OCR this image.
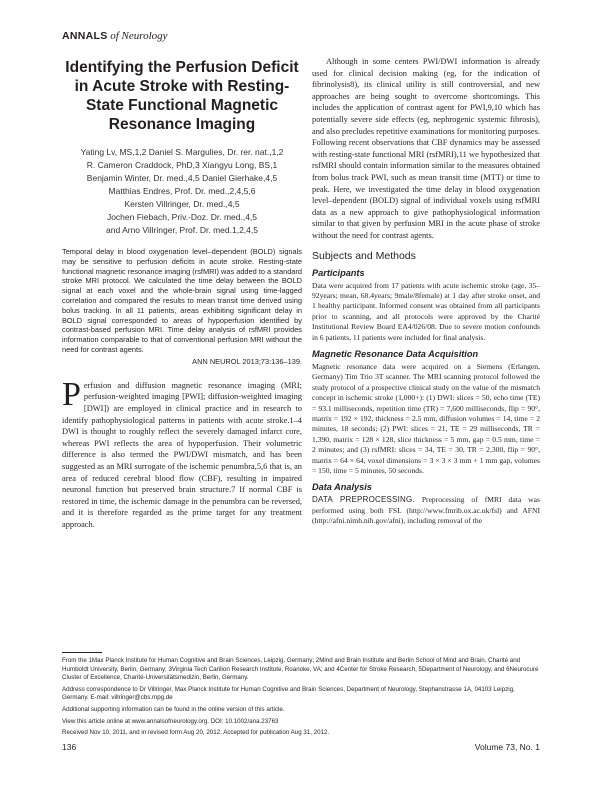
ANNALS of Neurology
Identifying the Perfusion Deficit in Acute Stroke with Resting-State Functional Magnetic Resonance Imaging
Yating Lv, MS,1,2 Daniel S. Margulies, Dr. rer. nat.,1,2
R. Cameron Craddock, PhD,3 Xiangyu Long, BS,1
Benjamin Winter, Dr. med.,4,5 Daniel Gierhake,4,5
Matthias Endres, Prof. Dr. med.,2,4,5,6
Kersten Villringer, Dr. med.,4,5
Jochen Fiebach, Priv.-Doz. Dr. med.,4,5
and Arno Villringer, Prof. Dr. med.1,2,4,5
Temporal delay in blood oxygenation level–dependent (BOLD) signals may be sensitive to perfusion deficits in acute stroke. Resting-state functional magnetic resonance imaging (rsfMRI) was added to a standard stroke MRI protocol. We calculated the time delay between the BOLD signal at each voxel and the whole-brain signal using time-lagged correlation and compared the results to mean transit time derived using bolus tracking. In all 11 patients, areas exhibiting significant delay in BOLD signal corresponded to areas of hypoperfusion identified by contrast-based perfusion MRI. Time delay analysis of rsfMRI provides information comparable to that of conventional perfusion MRI without the need for contrast agents.
ANN NEUROL 2013;73:136–139.

Perfusion and diffusion magnetic resonance imaging (MRI; perfusion-weighted imaging [PWI]; diffusion-weighted imaging [DWI]) are employed in clinical practice and in research to identify pathophysiological patterns in patients with acute stroke.1–4 DWI is thought to roughly reflect the severely damaged infarct core, whereas PWI reflects the area of hypoperfusion. Their volumetric difference is also termed the PWI/DWI mismatch, and has been suggested as an MRI surrogate of the ischemic penumbra,5,6 that is, an area of reduced cerebral blood flow (CBF), resulting in impaired neuronal function but preserved brain structure.7 If normal CBF is restored in time, the ischemic damage in the penumbra can be reversed, and it is therefore regarded as the prime target for any treatment approach.

Although in some centers PWI/DWI information is already used for clinical decision making (eg, for the indication of fibrinolysis8), its clinical utility is still controversial, and new approaches are being sought to overcome shortcomings. This includes the application of contrast agent for PWI,9,10 which has potentially severe side effects (eg, nephrogenic systemic fibrosis), and also precludes repetitive examinations for monitoring purposes. Following recent observations that CBF dynamics may be assessed with resting-state functional MRI (rsfMRI),11 we hypothesized that rsfMRI should contain information similar to the measures obtained from bolus track PWI, such as mean transit time (MTT) or time to peak. Here, we investigated the time delay in blood oxygenation level–dependent (BOLD) signal of individual voxels using rsfMRI data as a new approach to give pathophysiological information similar to that given by perfusion MRI in the acute phase of stroke without the need for contrast agents.

Subjects and Methods
Participants

Data were acquired from 17 patients with acute ischemic stroke (age, 35–92years; mean, 68.4years; 9male/8female) at 1 day after stroke onset, and 1 healthy participant. Informed consent was obtained from all participants prior to scanning, and all protocols were approved by the Charité Institutional Review Board EA4/026/08. Due to severe motion confounds in 6 patients, 11 patients were included for final analysis.

Magnetic Resonance Data Acquisition

Magnetic resonance data were acquired on a Siemens (Erlangen, Germany) Tim Trio 3T scanner. The MRI scanning protocol followed the study protocol of a prospective clinical study on the value of the mismatch concept in ischemic stroke (1,000+): (1) DWI: slices = 50, echo time (TE) = 93.1 milliseconds, repetition time (TR) = 7,600 milliseconds, flip = 90°, matrix = 192 × 192, thickness = 2.5 mm, diffusion volumes = 14, time = 2 minutes, 18 seconds; (2) PWI: slices = 21, TE = 29 milliseconds, TR = 1,390, matrix = 128 × 128, slice thickness = 5 mm, gap = 0.5 mm, time = 2 minutes; and (3) rsfMRI: slices = 34, TE = 30, TR = 2,300, flip = 90°, matrix = 64 × 64, voxel dimensions = 3 × 3 × 3 mm + 1 mm gap, volumes = 150, time = 5 minutes, 50 seconds.

Data Analysis

DATA PREPROCESSING. Preprocessing of fMRI data was performed using both FSL (http://www.fmrib.ox.ac.uk/fsl) and AFNI (http://afni.nimh.nih.gov/afni), including removal of the

From the 1Max Planck Institute for Human Cognitive and Brain Sciences, Leipzig, Germany; 2Mind and Brain Institute and Berlin School of Mind and Brain, Charité and Humboldt University, Berlin, Germany; 3Virginia Tech Carilion Research Institute, Roanoke, VA; and 4Center for Stroke Research, 5Department of Neurology, and 6Neurocure Cluster of Excellence, Charité-Universitätsmedizin, Berlin, Germany.

Address correspondence to Dr Villringer, Max Planck Institute for Human Cognitive and Brain Sciences, Department of Neurology, Stephanstrasse 1A, 04103 Leipzig, Germany. E-mail: villringer@cbs.mpg.de

Additional supporting information can be found in the online version of this article.

View this article online at www.annalsofneurology.org. DOI: 10.1002/ana.23763

Received Nov 10, 2011, and in revised form Aug 20, 2012. Accepted for publication Aug 31, 2012.

136	Volume 73, No. 1
